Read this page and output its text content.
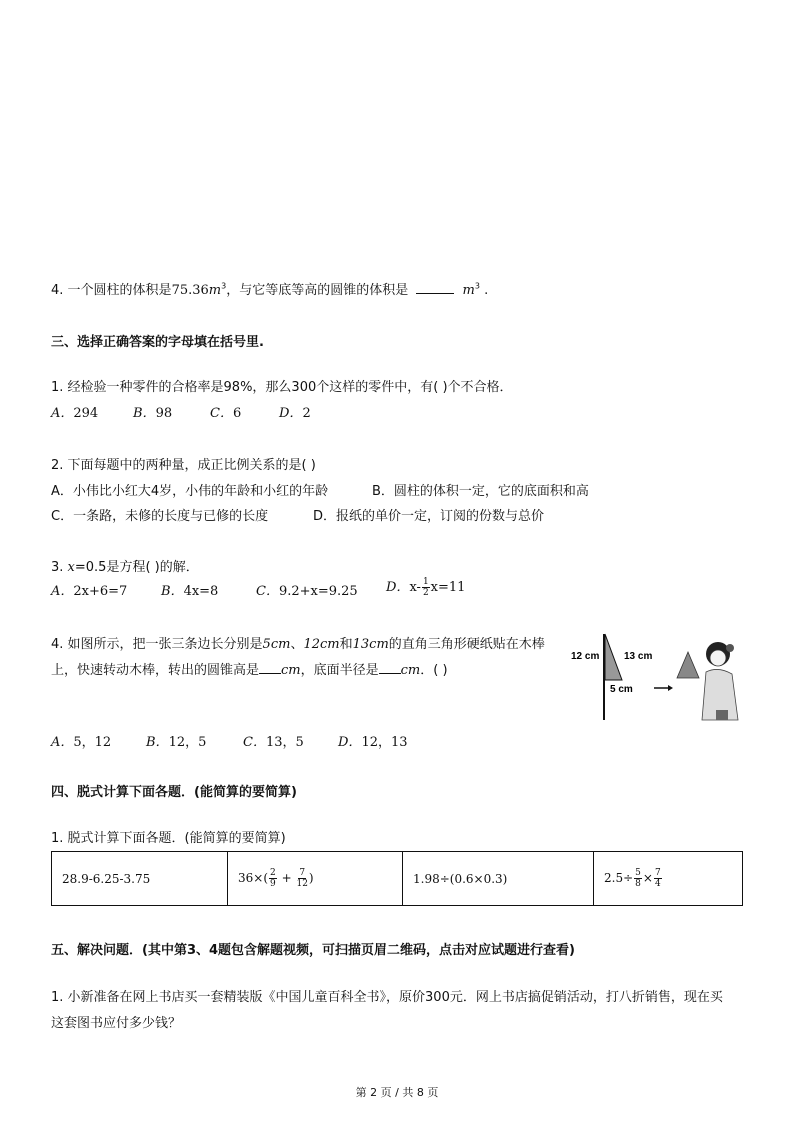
4. 一个圆柱的体积是$75.36m^3$，与它等底等高的圆锥的体积是	$m^3$ .
三、选择正确答案的字母填在括号里.
1. 经检验一种零件的合格率是98%，那么300个这样的零件中，有( )个不合格．
A．294	B．98	C．6	D．2
2. 下面每题中的两种量，成正比例关系的是( )
A．小伟比小红大4岁，小伟的年龄和小红的年龄	B．圆柱的体积一定，它的底面积和高
C．一条路，未修的长度与已修的长度	D．报纸的单价一定，订阅的份数与总价
3. x=0.5是方程( )的解．
A．2x+6=7	B．4x=8	C．9.2+x=9.25 D．$x- \frac{1}{2} x=11$
4. 如图所示，把一张三条边长分别是5cm、12cm和13cm的直角三角形硬纸贴在木棒
上，快速转动木棒，转出的圆锥高是 cm，底面半径是 cm．( )
12 cm 13 cm
5 cm
A．5，12	B．12，5	C．13，5	D．12，13
四、脱式计算下面各题．(能简算的要简算)
1. 脱式计算下面各题．(能简算的要简算)
28.9-6.25-3.75	$36\times( \frac{2}{9} + \frac{7}{12}$ )	1.98÷(0.6×0.3)	$2.5\div \frac{5}{8} \times \frac{7}{4}$
五、解决问题．(其中第3、4题包含解题视频，可扫描页眉二维码，点击对应试题进行查看)
1. 小新准备在网上书店买一套精装版《中国儿童百科全书》，原价300元．网上书店搞促销活动，打八折销售，现在买
这套图书应付多少钱？
第 2 页 / 共 8 页
